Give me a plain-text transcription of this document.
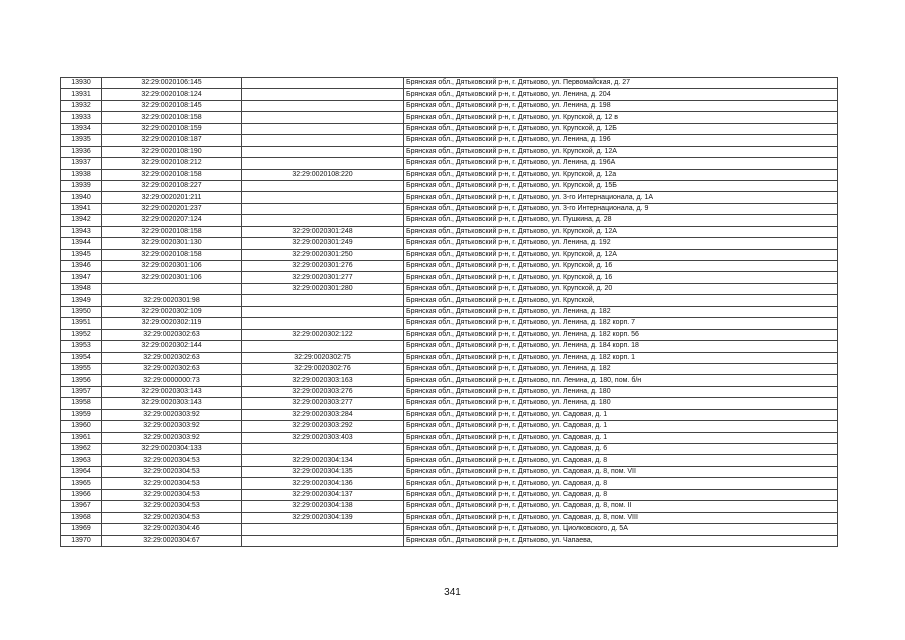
13930	32:29:0020106:145		Брянская обл., Дятьковский р-н, г. Дятьково, ул. Первомайская, д. 27
13931	32:29:0020108:124		Брянская обл., Дятьковский р-н, г. Дятьково, ул. Ленина, д. 204
13932	32:29:0020108:145		Брянская обл., Дятьковский р-н, г. Дятьково, ул. Ленина, д. 198
13933	32:29:0020108:158		Брянская обл., Дятьковский р-н, г. Дятьково, ул. Крупской, д. 12 в
13934	32:29:0020108:159		Брянская обл., Дятьковский р-н, г. Дятьково, ул. Крупской, д. 12Б
13935	32:29:0020108:187		Брянская обл., Дятьковский р-н, г. Дятьково, ул. Ленина, д. 196
13936	32:29:0020108:190		Брянская обл., Дятьковский р-н, г. Дятьково, ул. Крупской, д. 12А
13937	32:29:0020108:212		Брянская обл., Дятьковский р-н, г. Дятьково, ул. Ленина, д. 196А
13938	32:29:0020108:158	32:29:0020108:220	Брянская обл., Дятьковский р-н, г. Дятьково, ул. Крупской, д. 12а
13939	32:29:0020108:227		Брянская обл., Дятьковский р-н, г. Дятьково, ул. Крупской, д. 15Б
13940	32:29:0020201:211		Брянская обл., Дятьковский р-н, г. Дятьково, ул. 3-го Интернационала, д. 1А
13941	32:29:0020201:237		Брянская обл., Дятьковский р-н, г. Дятьково, ул. 3-го Интернационала, д. 9
13942	32:29:0020207:124		Брянская обл., Дятьковский р-н, г. Дятьково, ул. Пушкина, д. 28
13943	32:29:0020108:158	32:29:0020301:248	Брянская обл., Дятьковский р-н, г. Дятьково, ул. Крупской, д. 12А
13944	32:29:0020301:130	32:29:0020301:249	Брянская обл., Дятьковский р-н, г. Дятьково, ул. Ленина, д. 192
13945	32:29:0020108:158	32:29:0020301:250	Брянская обл., Дятьковский р-н, г. Дятьково, ул. Крупской, д. 12А
13946	32:29:0020301:106	32:29:0020301:276	Брянская обл., Дятьковский р-н, г. Дятьково, ул. Крупской, д. 16
13947	32:29:0020301:106	32:29:0020301:277	Брянская обл., Дятьковский р-н, г. Дятьково, ул. Крупской, д. 16
13948		32:29:0020301:280	Брянская обл., Дятьковский р-н, г. Дятьково, ул. Крупской, д. 20
13949	32:29:0020301:98		Брянская обл., Дятьковский р-н, г. Дятьково, ул. Крупской,
13950	32:29:0020302:109		Брянская обл., Дятьковский р-н, г. Дятьково, ул. Ленина, д. 182
13951	32:29:0020302:119		Брянская обл., Дятьковский р-н, г. Дятьково, ул. Ленина, д. 182 корп. 7
13952	32:29:0020302:63	32:29:0020302:122	Брянская обл., Дятьковский р-н, г. Дятьково, ул. Ленина, д. 182 корп. 56
13953	32:29:0020302:144		Брянская обл., Дятьковский р-н, г. Дятьково, ул. Ленина, д. 184 корп. 18
13954	32:29:0020302:63	32:29:0020302:75	Брянская обл., Дятьковский р-н, г. Дятьково, ул. Ленина, д. 182 корп. 1
13955	32:29:0020302:63	32:29:0020302:76	Брянская обл., Дятьковский р-н, г. Дятьково, ул. Ленина, д. 182
13956	32:29:0000000:73	32:29:0020303:163	Брянская обл., Дятьковский р-н, г. Дятьково, пл. Ленина, д. 180, пом. б/н
13957	32:29:0020303:143	32:29:0020303:276	Брянская обл., Дятьковский р-н, г. Дятьково, ул. Ленина, д. 180
13958	32:29:0020303:143	32:29:0020303:277	Брянская обл., Дятьковский р-н, г. Дятьково, ул. Ленина, д. 180
13959	32:29:0020303:92	32:29:0020303:284	Брянская обл., Дятьковский р-н, г. Дятьково, ул. Садовая, д. 1
13960	32:29:0020303:92	32:29:0020303:292	Брянская обл., Дятьковский р-н, г. Дятьково, ул. Садовая, д. 1
13961	32:29:0020303:92	32:29:0020303:403	Брянская обл., Дятьковский р-н, г. Дятьково, ул. Садовая, д. 1
13962	32:29:0020304:133		Брянская обл., Дятьковский р-н, г. Дятьково, ул. Садовая, д. 6
13963	32:29:0020304:53	32:29:0020304:134	Брянская обл., Дятьковский р-н, г. Дятьково, ул. Садовая, д. 8
13964	32:29:0020304:53	32:29:0020304:135	Брянская обл., Дятьковский р-н, г. Дятьково, ул. Садовая, д. 8, пом. VII
13965	32:29:0020304:53	32:29:0020304:136	Брянская обл., Дятьковский р-н, г. Дятьково, ул. Садовая, д. 8
13966	32:29:0020304:53	32:29:0020304:137	Брянская обл., Дятьковский р-н, г. Дятьково, ул. Садовая, д. 8
13967	32:29:0020304:53	32:29:0020304:138	Брянская обл., Дятьковский р-н, г. Дятьково, ул. Садовая, д. 8, пом. II
13968	32:29:0020304:53	32:29:0020304:139	Брянская обл., Дятьковский р-н, г. Дятьково, ул. Садовая, д. 8, пом. VIII
13969	32:29:0020304:46		Брянская обл., Дятьковский р-н, г. Дятьково, ул. Циолковского, д. 5А
13970	32:29:0020304:67		Брянская обл., Дятьковский р-н, г. Дятьково, ул. Чапаева,
341
